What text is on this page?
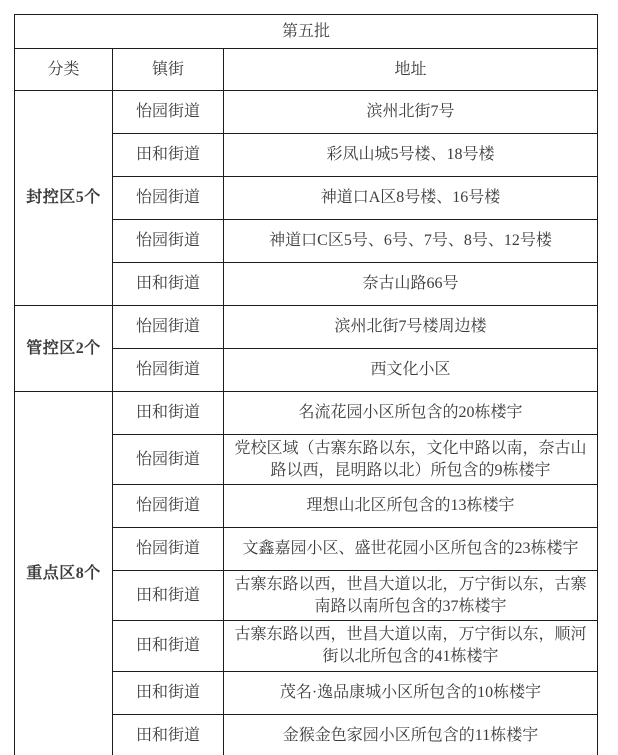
第五批		
分类	镇街	地址
封控区5个	怡园街道	滨州北街7号
	田和街道	彩凤山城5号楼、18号楼
	怡园街道	神道口A区8号楼、16号楼
	怡园街道	神道口C区5号、6号、7号、8号、12号楼
	田和街道	奈古山路66号
管控区2个	怡园街道	滨州北街7号楼周边楼
	怡园街道	西文化小区
重点区8个	田和街道	名流花园小区所包含的20栋楼宇
	怡园街道	党校区域（古寨东路以东，文化中路以南，奈古山路以西，昆明路以北）所包含的9栋楼宇
	怡园街道	理想山北区所包含的13栋楼宇
	怡园街道	文鑫嘉园小区、盛世花园小区所包含的23栋楼宇
	田和街道	古寨东路以西，世昌大道以北，万宁街以东，古寨南路以南所包含的37栋楼宇
	田和街道	古寨东路以西，世昌大道以南，万宁街以东，顺河街以北所包含的41栋楼宇
	田和街道	茂名·逸品康城小区所包含的10栋楼宇
	田和街道	金猴金色家园小区所包含的11栋楼宇
